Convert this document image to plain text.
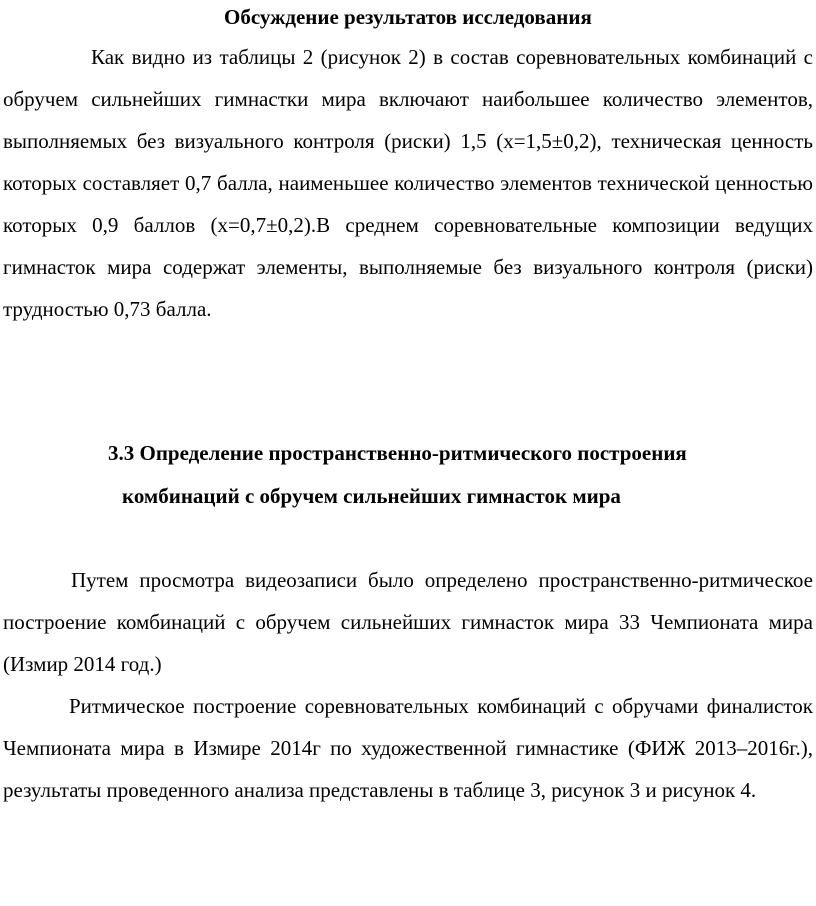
Обсуждение результатов исследования
Как видно из таблицы 2 (рисунок 2) в состав соревновательных комбинаций с обручем сильнейших гимнастки мира включают наибольшее количество элементов, выполняемых без визуального контроля (риски) 1,5 (x=1,5±0,2), техническая ценность которых составляет 0,7 балла, наименьшее количество элементов технической ценностью которых 0,9 баллов (x=0,7±0,2).В среднем соревновательные композиции ведущих гимнасток мира содержат элементы, выполняемые без визуального контроля (риски) трудностью 0,73 балла.
3.3 Определение пространственно-ритмического построения
комбинаций с обручем сильнейших гимнасток мира
Путем просмотра видеозаписи было определено пространственно-ритмическое построение комбинаций с обручем сильнейших гимнасток мира 33 Чемпионата мира (Измир 2014 год.)
Ритмическое построение соревновательных комбинаций с обручами финалисток Чемпионата мира в Измире 2014г по художественной гимнастике (ФИЖ 2013–2016г.), результаты проведенного анализа представлены в таблице 3, рисунок 3 и рисунок 4.
